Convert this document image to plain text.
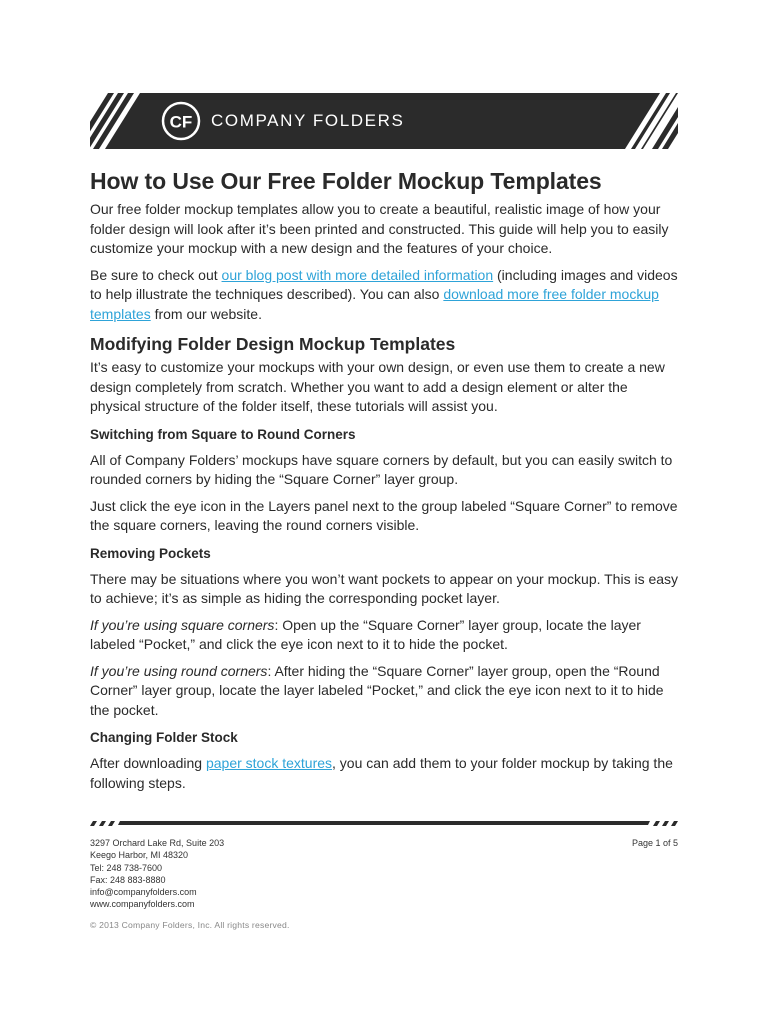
CF COMPANY FOLDERS
How to Use Our Free Folder Mockup Templates

Our free folder mockup templates allow you to create a beautiful, realistic image of how your folder design will look after it’s been printed and constructed. This guide will help you to easily customize your mockup with a new design and the features of your choice.

Be sure to check out our blog post with more detailed information (including images and videos to help illustrate the techniques described). You can also download more free folder mockup templates from our website.

Modifying Folder Design Mockup Templates

It’s easy to customize your mockups with your own design, or even use them to create a new design completely from scratch. Whether you want to add a design element or alter the physical structure of the folder itself, these tutorials will assist you.

Switching from Square to Round Corners

All of Company Folders’ mockups have square corners by default, but you can easily switch to rounded corners by hiding the “Square Corner” layer group.

Just click the eye icon in the Layers panel next to the group labeled “Square Corner” to remove the square corners, leaving the round corners visible.

Removing Pockets

There may be situations where you won’t want pockets to appear on your mockup. This is easy to achieve; it’s as simple as hiding the corresponding pocket layer.

If you’re using square corners: Open up the “Square Corner” layer group, locate the layer labeled “Pocket,” and click the eye icon next to it to hide the pocket.

If you’re using round corners: After hiding the “Square Corner” layer group, open the “Round Corner” layer group, locate the layer labeled “Pocket,” and click the eye icon next to it to hide the pocket.

Changing Folder Stock

After downloading paper stock textures, you can add them to your folder mockup by taking the following steps.

3297 Orchard Lake Rd, Suite 203
Keego Harbor, MI 48320
Tel: 248 738-7600
Fax: 248 883-8880
info@companyfolders.com
www.companyfolders.com
© 2013 Company Folders, Inc. All rights reserved.
Page 1 of 5
